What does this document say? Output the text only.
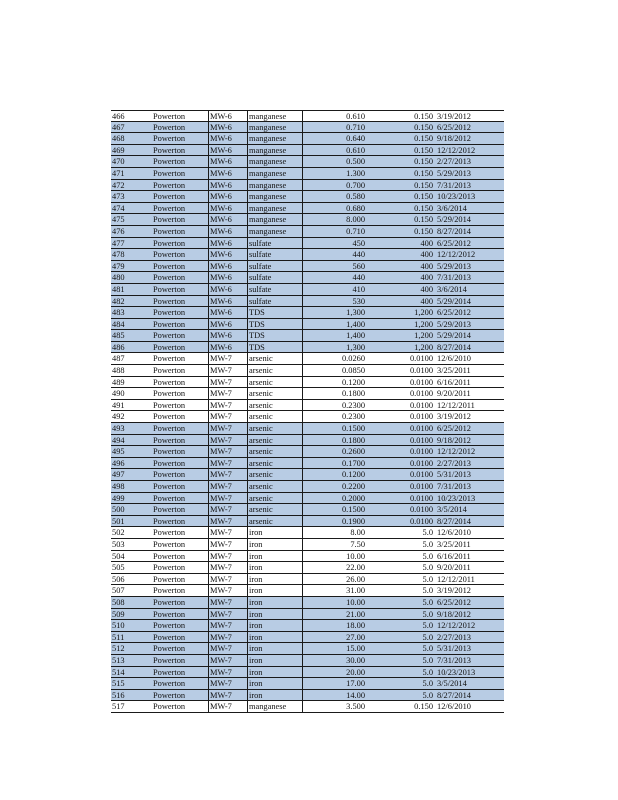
466	Powerton	MW-6	manganese	0.610	0.150 3/19/2012
467	Powerton	MW-6	manganese	0.710	0.150 6/25/2012
468	Powerton	MW-6	manganese	0.640	0.150 9/18/2012
469	Powerton	MW-6	manganese	0.610	0.150 12/12/2012
470	Powerton	MW-6	manganese	0.500	0.150 2/27/2013
471	Powerton	MW-6	manganese	1.300	0.150 5/29/2013
472	Powerton	MW-6	manganese	0.700	0.150 7/31/2013
473	Powerton	MW-6	manganese	0.580	0.150 10/23/2013
474	Powerton	MW-6	manganese	0.680	0.150 3/6/2014
475	Powerton	MW-6	manganese	8.000	0.150 5/29/2014
476	Powerton	MW-6	manganese	0.710	0.150 8/27/2014
477	Powerton	MW-6	sulfate	450	400 6/25/2012
478	Powerton	MW-6	sulfate	440	400 12/12/2012
479	Powerton	MW-6	sulfate	560	400 5/29/2013
480	Powerton	MW-6	sulfate	440	400 7/31/2013
481	Powerton	MW-6	sulfate	410	400 3/6/2014
482	Powerton	MW-6	sulfate	530	400 5/29/2014
483	Powerton	MW-6	TDS	1,300	1,200 6/25/2012
484	Powerton	MW-6	TDS	1,400	1,200 5/29/2013
485	Powerton	MW-6	TDS	1,400	1,200 5/29/2014
486	Powerton	MW-6	TDS	1,300	1,200 8/27/2014
487	Powerton	MW-7	arsenic	0.0260	0.0100 12/6/2010
488	Powerton	MW-7	arsenic	0.0850	0.0100 3/25/2011
489	Powerton	MW-7	arsenic	0.1200	0.0100 6/16/2011
490	Powerton	MW-7	arsenic	0.1800	0.0100 9/20/2011
491	Powerton	MW-7	arsenic	0.2300	0.0100 12/12/2011
492	Powerton	MW-7	arsenic	0.2300	0.0100 3/19/2012
493	Powerton	MW-7	arsenic	0.1500	0.0100 6/25/2012
494	Powerton	MW-7	arsenic	0.1800	0.0100 9/18/2012
495	Powerton	MW-7	arsenic	0.2600	0.0100 12/12/2012
496	Powerton	MW-7	arsenic	0.1700	0.0100 2/27/2013
497	Powerton	MW-7	arsenic	0.1200	0.0100 5/31/2013
498	Powerton	MW-7	arsenic	0.2200	0.0100 7/31/2013
499	Powerton	MW-7	arsenic	0.2000	0.0100 10/23/2013
500	Powerton	MW-7	arsenic	0.1500	0.0100 3/5/2014
501	Powerton	MW-7	arsenic	0.1900	0.0100 8/27/2014
502	Powerton	MW-7	iron	8.00	5.0 12/6/2010
503	Powerton	MW-7	iron	7.50	5.0 3/25/2011
504	Powerton	MW-7	iron	10.00	5.0 6/16/2011
505	Powerton	MW-7	iron	22.00	5.0 9/20/2011
506	Powerton	MW-7	iron	26.00	5.0 12/12/2011
507	Powerton	MW-7	iron	31.00	5.0 3/19/2012
508	Powerton	MW-7	iron	10.00	5.0 6/25/2012
509	Powerton	MW-7	iron	21.00	5.0 9/18/2012
510	Powerton	MW-7	iron	18.00	5.0 12/12/2012
511	Powerton	MW-7	iron	27.00	5.0 2/27/2013
512	Powerton	MW-7	iron	15.00	5.0 5/31/2013
513	Powerton	MW-7	iron	30.00	5.0 7/31/2013
514	Powerton	MW-7	iron	20.00	5.0 10/23/2013
515	Powerton	MW-7	iron	17.00	5.0 3/5/2014
516	Powerton	MW-7	iron	14.00	5.0 8/27/2014
517	Powerton	MW-7	manganese	3.500	0.150 12/6/2010
